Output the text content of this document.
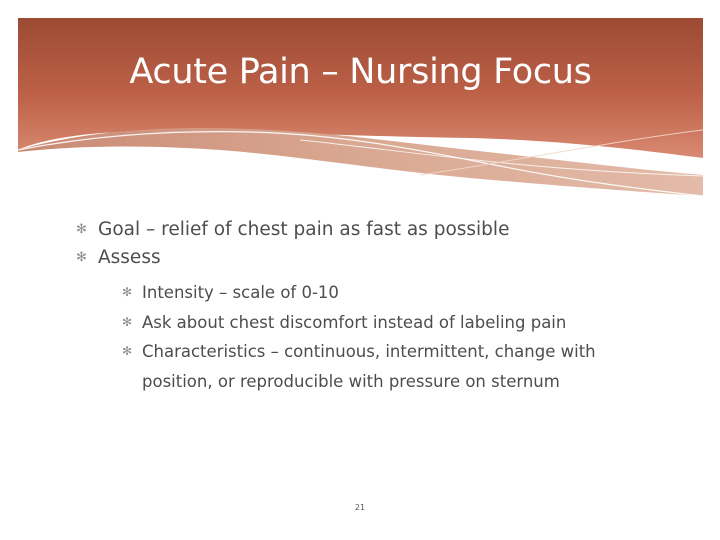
Acute Pain – Nursing Focus
✻ Goal – relief of chest pain as fast as possible
✻ Assess
✻ Intensity – scale of 0-10
✻ Ask about chest discomfort instead of labeling pain
✻ Characteristics – continuous, intermittent, change with
position, or reproducible with pressure on sternum
21
